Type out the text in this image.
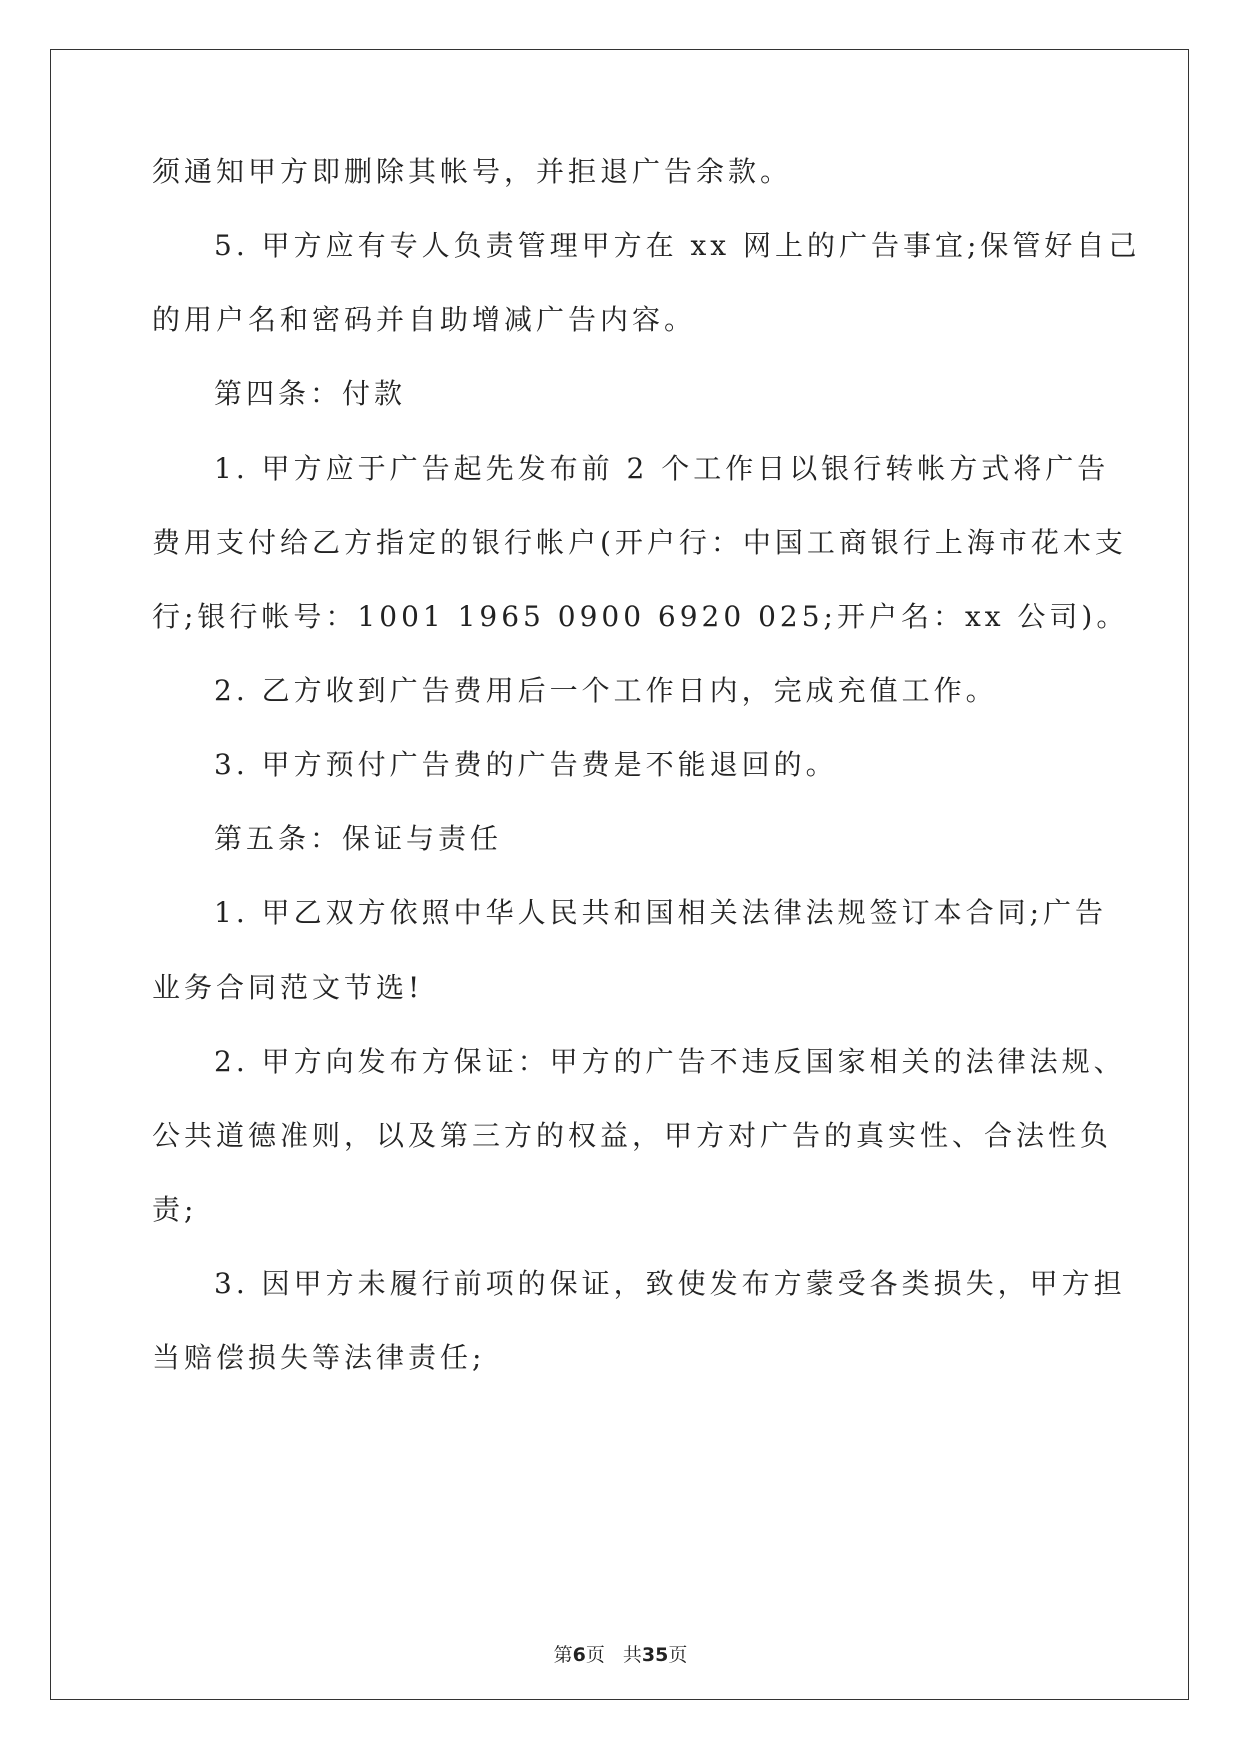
须通知甲方即删除其帐号，并拒退广告余款。
5. 甲方应有专人负责管理甲方在 xx 网上的广告事宜;保管好自己
的用户名和密码并自助增减广告内容。
第四条：付款
1. 甲方应于广告起先发布前 2 个工作日以银行转帐方式将广告
费用支付给乙方指定的银行帐户(开户行：中国工商银行上海市花木支
行;银行帐号：1001 1965 0900 6920 025;开户名：xx 公司)。
2. 乙方收到广告费用后一个工作日内，完成充值工作。
3. 甲方预付广告费的广告费是不能退回的。
第五条：保证与责任
1. 甲乙双方依照中华人民共和国相关法律法规签订本合同;广告
业务合同范文节选!
2. 甲方向发布方保证：甲方的广告不违反国家相关的法律法规、
公共道德准则，以及第三方的权益，甲方对广告的真实性、合法性负
责;
3. 因甲方未履行前项的保证，致使发布方蒙受各类损失，甲方担
当赔偿损失等法律责任;
第6页 共35页
